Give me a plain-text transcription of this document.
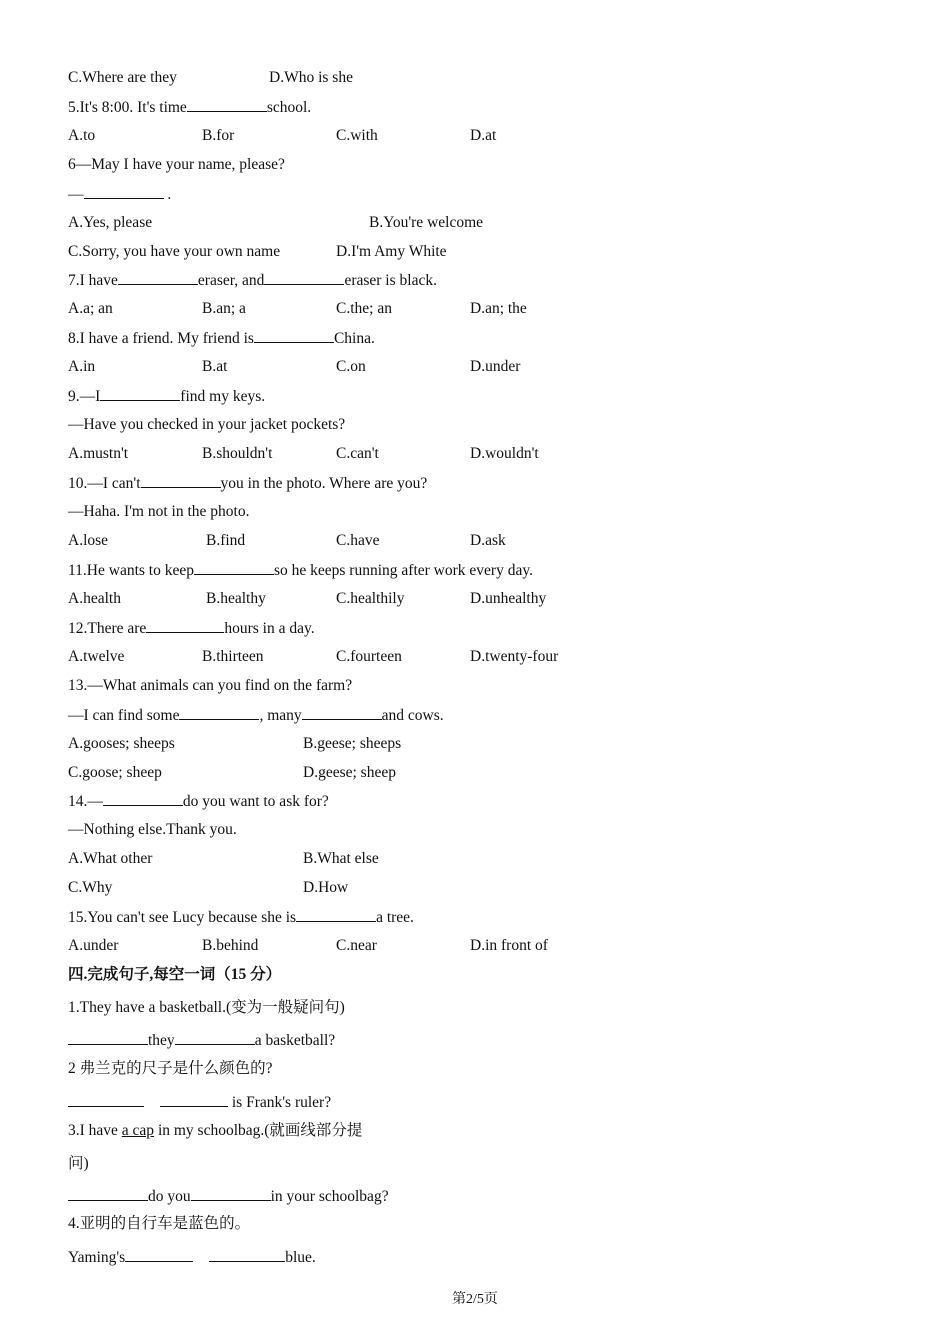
C.Where are they	D.Who is she
5.It's 8:00. It's time	school.
A.to	B.for	C.with	D.at
6—May I have your name, please?
—	.
A.Yes, please	B.You're welcome
C.Sorry, you have your own name	D.I'm Amy White
7.I have	eraser, and	eraser is black.
A.a; an	B.an; a	C.the; an	D.an; the
8.I have a friend. My friend is	China.
A.in	B.at	C.on	D.under
9.—I	find my keys.
—Have you checked in your jacket pockets?
A.mustn't	B.shouldn't	C.can't	D.wouldn't
10.—I can't	you in the photo. Where are you?
—Haha. I'm not in the photo.
A.lose	B.find	C.have	D.ask
11.He wants to keep	so he keeps running after work every day.
A.health	B.healthy	C.healthily	D.unhealthy
12.There are	hours in a day.
A.twelve	B.thirteen	C.fourteen	D.twenty-four
13.—What animals can you find on the farm?
—I can find some	, many	and cows.
A.gooses; sheeps	B.geese; sheeps
C.goose; sheep	D.geese; sheep
14.—	do you want to ask for?
—Nothing else.Thank you.
A.What other	B.What else
C.Why	D.How
15.You can't see Lucy because she is	a tree.
A.under	B.behind	C.near	D.in front of
四.完成句子,每空一词（15 分）
1.They have a basketball.(变为一般疑问句)
they	a basketball?
2 弗兰克的尺子是什么颜色的?
is Frank's ruler?
3.I have a cap in my schoolbag.(就画线部分提
问)
do you	in your schoolbag?
4.亚明的自行车是蓝色的。
Yaming's	blue.
第2/5页
